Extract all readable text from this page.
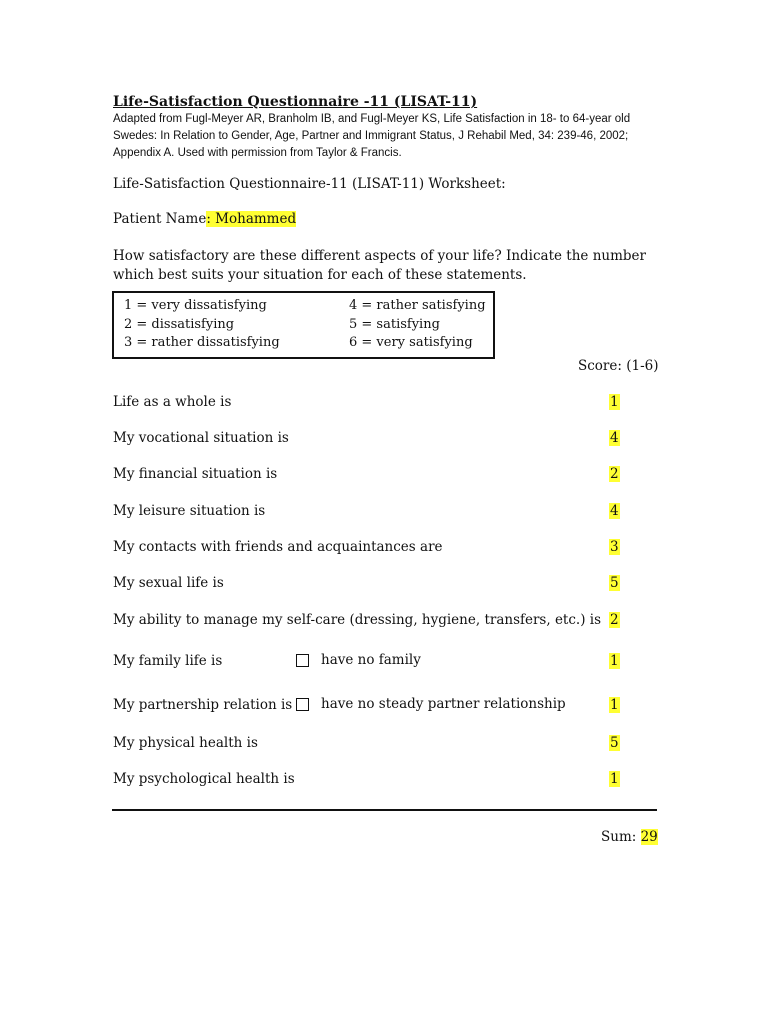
Life-Satisfaction Questionnaire -11 (LISAT-11)
Adapted from Fugl-Meyer AR, Branholm IB, and Fugl-Meyer KS, Life Satisfaction in 18- to 64-year old Swedes: In Relation to Gender, Age, Partner and Immigrant Status, J Rehabil Med, 34: 239-46, 2002; Appendix A. Used with permission from Taylor & Francis.
Life-Satisfaction Questionnaire-11 (LISAT-11) Worksheet:
Patient Name: Mohammed
How satisfactory are these different aspects of your life? Indicate the number which best suits your situation for each of these statements.
1 = very dissatisfying
2 = dissatisfying
3 = rather dissatisfying
4 = rather satisfying
5 = satisfying
6 = very satisfying
Score: (1-6)
Life as a whole is	1
My vocational situation is	4
My financial situation is	2
My leisure situation is	4
My contacts with friends and acquaintances are	3
My sexual life is	5
My ability to manage my self-care (dressing, hygiene, transfers, etc.) is 2
My family life is	have no family	1
My partnership relation is have no steady partner relationship	1
My physical health is	5
My psychological health is	1
Sum: 29
